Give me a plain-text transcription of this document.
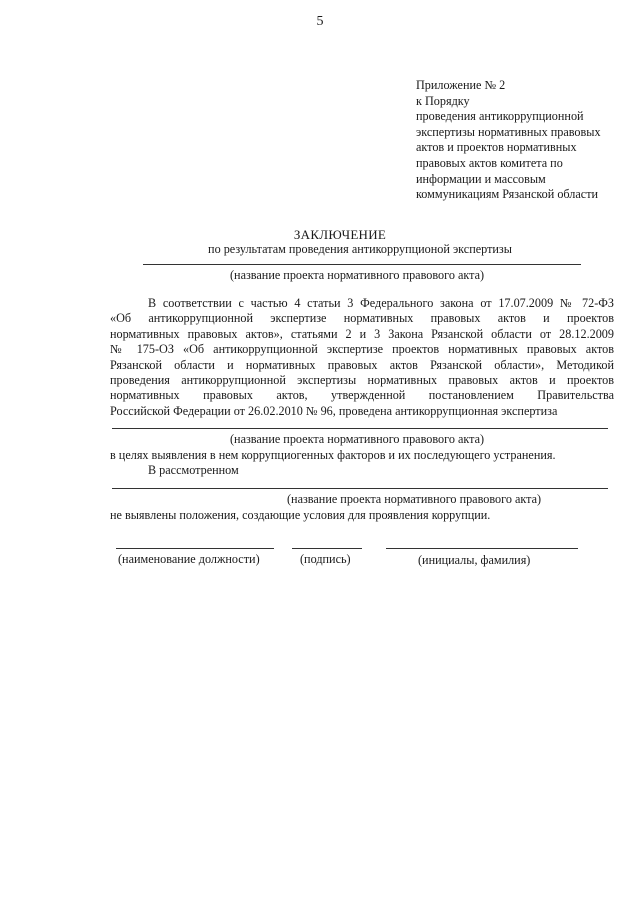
5
Приложение № 2
к Порядку
проведения антикоррупционной
экспертизы нормативных правовых
актов и проектов нормативных
правовых актов комитета по
информации и массовым
коммуникациям Рязанской области
ЗАКЛЮЧЕНИЕ
по результатам проведения антикоррупционой экспертизы
(название проекта нормативного правового акта)
В соответствии с частью 4 статьи 3 Федерального закона от 17.07.2009 № 72-ФЗ
«Об антикоррупционной экспертизе нормативных правовых актов и проектов
нормативных правовых актов», статьями 2 и 3 Закона Рязанской области от 28.12.2009
№ 175-ОЗ «Об антикоррупционной экспертизе проектов нормативных правовых актов
Рязанской области и нормативных правовых актов Рязанской области», Методикой
проведения антикоррупционной экспертизы нормативных правовых актов и проектов
нормативных правовых актов, утвержденной постановлением Правительства
Российской Федерации от 26.02.2010 № 96, проведена антикоррупционная экспертиза
(название проекта нормативного правового акта)
в целях выявления в нем коррупциогенных факторов и их последующего устранения.
В рассмотренном
(название проекта нормативного правового акта)
не выявлены положения, создающие условия для проявления коррупции.
(наименование должности)	(подпись)	(инициалы, фамилия)
